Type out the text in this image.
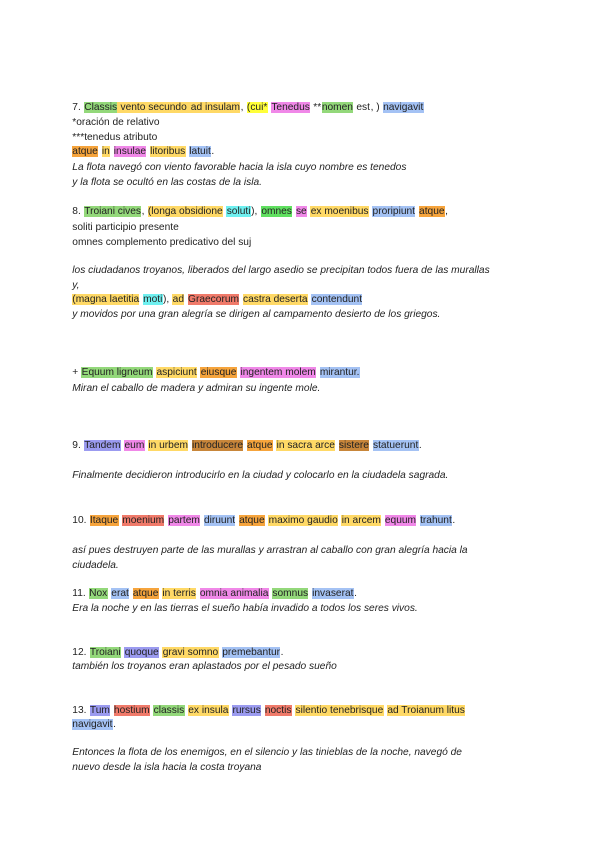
7. Classis vento secundo ad insulam, (cui* Tenedus **nomen est, ) navigavit
*oración de relativo
***tenedus atributo
atque in insulae litoribus latuit.
La flota navegó con viento favorable hacia la isla cuyo nombre es tenedos
y la flota se ocultó en las costas de la isla.
8. Troiani cives, (longa obsidione soluti), omnes se ex moenibus proripiunt atque,
soliti participio presente
omnes complemento predicativo del suj
los ciudadanos troyanos, liberados del largo asedio se precipitan todos fuera de las murallas
y,
(magna laetitia moti), ad Graecorum castra deserta contendunt
y movidos por una gran alegría se dirigen al campamento desierto de los griegos.
+ Equum ligneum aspiciunt eiusque ingentem molem mirantur.
Miran el caballo de madera y admiran su ingente mole.
9. Tandem eum in urbem introducere atque in sacra arce sistere statuerunt.
Finalmente decidieron introducirlo en la ciudad y colocarlo en la ciudadela sagrada.
10. Itaque moenium partem diruunt atque maximo gaudio in arcem equum trahunt.
así pues destruyen parte de las murallas y arrastran al caballo con gran alegría hacia la
ciudadela.
11. Nox erat atque in terris omnia animalia somnus invaserat.
Era la noche y en las tierras el sueño había invadido a todos los seres vivos.
12. Troiani quoque gravi somno premebantur.
también los troyanos eran aplastados por el pesado sueño
13. Tum hostium classis ex insula rursus noctis silentio tenebrisque ad Troianum litus
navigavit.
Entonces la flota de los enemigos, en el silencio y las tinieblas de la noche, navegó de
nuevo desde la isla hacia la costa troyana
